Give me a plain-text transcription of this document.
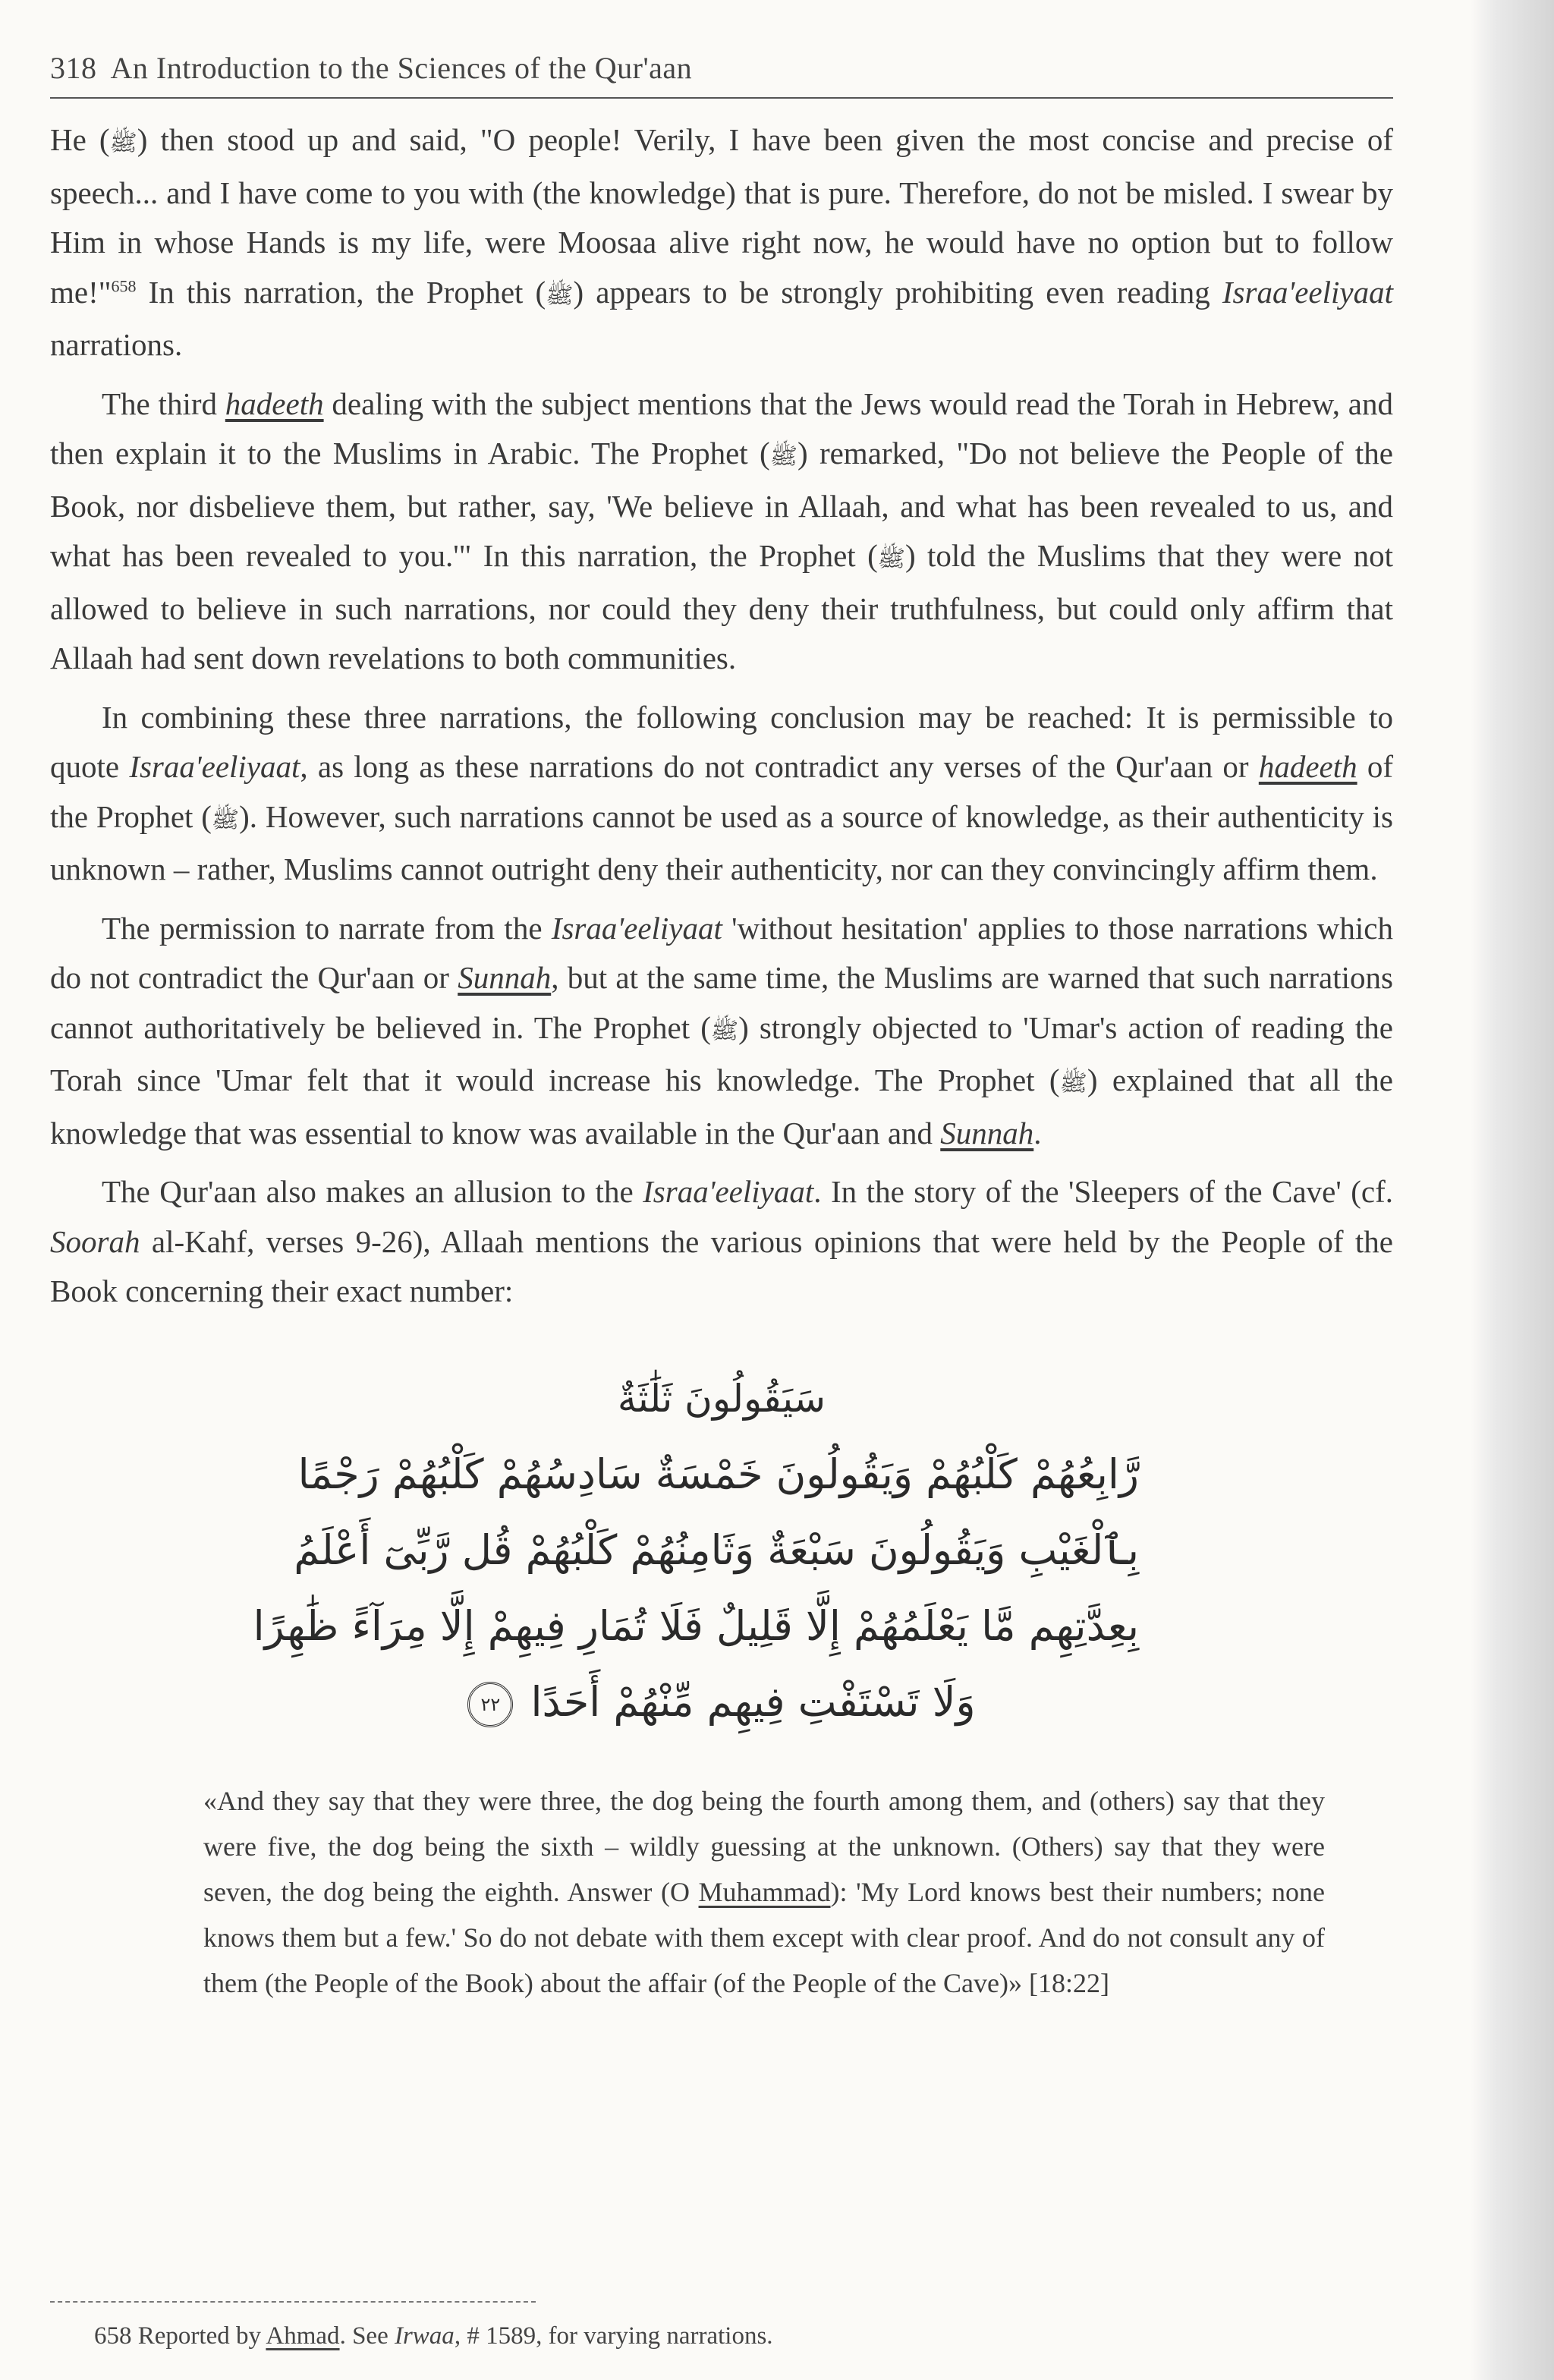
318 An Introduction to the Sciences of the Qur'aan

He (ﷺ) then stood up and said, "O people! Verily, I have been given the most concise and precise of speech... and I have come to you with (the knowledge) that is pure. Therefore, do not be misled. I swear by Him in whose Hands is my life, were Moosaa alive right now, he would have no option but to follow me!"$^{658}$ In this narration, the Prophet (ﷺ) appears to be strongly prohibiting even reading Israa'eeliyaat narrations.

The third hadeeth dealing with the subject mentions that the Jews would read the Torah in Hebrew, and then explain it to the Muslims in Arabic. The Prophet (ﷺ) remarked, "Do not believe the People of the Book, nor disbelieve them, but rather, say, 'We believe in Allaah, and what has been revealed to us, and what has been revealed to you.'" In this narration, the Prophet (ﷺ) told the Muslims that they were not allowed to believe in such narrations, nor could they deny their truthfulness, but could only affirm that Allaah had sent down revelations to both communities.

In combining these three narrations, the following conclusion may be reached: It is permissible to quote Israa'eeliyaat, as long as these narrations do not contradict any verses of the Qur'aan or hadeeth of the Prophet (ﷺ). However, such narrations cannot be used as a source of knowledge, as their authenticity is unknown – rather, Muslims cannot outright deny their authenticity, nor can they convincingly affirm them.

The permission to narrate from the Israa'eeliyaat 'without hesitation' applies to those narrations which do not contradict the Qur'aan or Sunnah, but at the same time, the Muslims are warned that such narrations cannot authoritatively be believed in. The Prophet (ﷺ) strongly objected to 'Umar's action of reading the Torah since 'Umar felt that it would increase his knowledge. The Prophet (ﷺ) explained that all the knowledge that was essential to know was available in the Qur'aan and Sunnah.

The Qur'aan also makes an allusion to the Israa'eeliyaat. In the story of the 'Sleepers of the Cave' (cf. Soorah al-Kahf, verses 9-26), Allaah mentions the various opinions that were held by the People of the Book concerning their exact number:

سَيَقُولُونَ ثَلَٰثَةٌ
رَّابِعُهُمْ كَلْبُهُمْ وَيَقُولُونَ خَمْسَةٌ سَادِسُهُمْ كَلْبُهُمْ رَجْمًا
بِٱلْغَيْبِ وَيَقُولُونَ سَبْعَةٌ وَثَامِنُهُمْ كَلْبُهُمْ قُل رَّبِّىٓ أَعْلَمُ
بِعِدَّتِهِم مَّا يَعْلَمُهُمْ إِلَّا قَلِيلٌ فَلَا تُمَارِ فِيهِمْ إِلَّا مِرَآءً ظَٰهِرًا
وَلَا تَسْتَفْتِ فِيهِم مِّنْهُمْ أَحَدًا ٢٢
«And they say that they were three, the dog being the fourth among them, and (others) say that they were five, the dog being the sixth – wildly guessing at the unknown. (Others) say that they were seven, the dog being the eighth. Answer (O Muhammad): 'My Lord knows best their numbers; none knows them but a few.' So do not debate with them except with clear proof. And do not consult any of them (the People of the Book) about the affair (of the People of the Cave)» [18:22]
658 Reported by Ahmad. See Irwaa, # 1589, for varying narrations.
